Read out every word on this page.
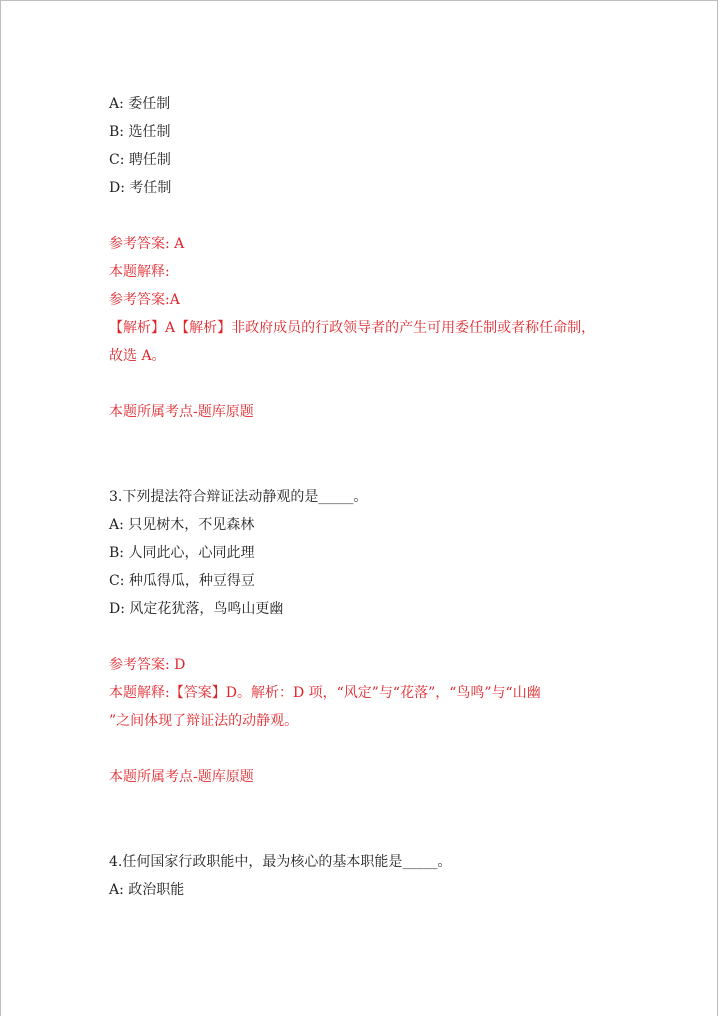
A: 委任制
B: 选任制
C: 聘任制
D: 考任制
参考答案: A
本题解释:
参考答案:A
【解析】A【解析】非政府成员的行政领导者的产生可用委任制或者称任命制，
故选 A。
本题所属考点-题库原题
3.下列提法符合辩证法动静观的是_____。
A: 只见树木，不见森林
B: 人同此心，心同此理
C: 种瓜得瓜，种豆得豆
D: 风定花犹落，鸟鸣山更幽
参考答案: D
本题解释:【答案】D。解析：D 项，“风定”与“花落”，“鸟鸣”与“山幽
”之间体现了辩证法的动静观。
本题所属考点-题库原题
4.任何国家行政职能中，最为核心的基本职能是_____。
A: 政治职能
